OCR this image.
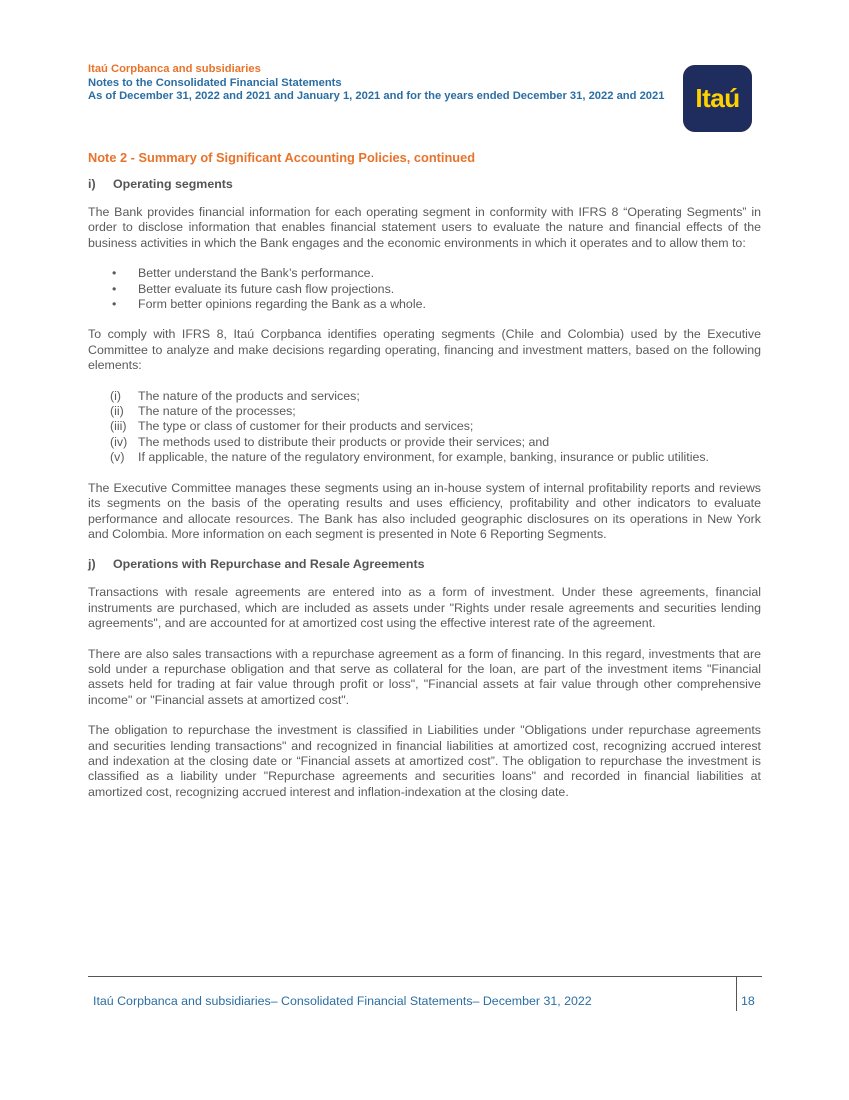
Itaú Corpbanca and subsidiaries
Notes to the Consolidated Financial Statements
As of December 31, 2022 and 2021 and January 1, 2021 and for the years ended December 31, 2022 and 2021	Itaú
Note 2 - Summary of Significant Accounting Policies, continued
i) Operating segments

The Bank provides financial information for each operating segment in conformity with IFRS 8 “Operating Segments” in order to disclose information that enables financial statement users to evaluate the nature and financial effects of the business activities in which the Bank engages and the economic environments in which it operates and to allow them to:

• Better understand the Bank’s performance.
• Better evaluate its future cash flow projections.
• Form better opinions regarding the Bank as a whole.

To comply with IFRS 8, Itaú Corpbanca identifies operating segments (Chile and Colombia) used by the Executive Committee to analyze and make decisions regarding operating, financing and investment matters, based on the following elements:

(i)	The nature of the products and services;
(ii)	The nature of the processes;
(iii) The type or class of customer for their products and services;
(iv) The methods used to distribute their products or provide their services; and
(v)	If applicable, the nature of the regulatory environment, for example, banking, insurance or public utilities.

The Executive Committee manages these segments using an in-house system of internal profitability reports and reviews its segments on the basis of the operating results and uses efficiency, profitability and other indicators to evaluate performance and allocate resources. The Bank has also included geographic disclosures on its operations in New York and Colombia. More information on each segment is presented in Note 6 Reporting Segments.

j) Operations with Repurchase and Resale Agreements

Transactions with resale agreements are entered into as a form of investment. Under these agreements, financial instruments are purchased, which are included as assets under "Rights under resale agreements and securities lending agreements", and are accounted for at amortized cost using the effective interest rate of the agreement.

There are also sales transactions with a repurchase agreement as a form of financing. In this regard, investments that are sold under a repurchase obligation and that serve as collateral for the loan, are part of the investment items "Financial assets held for trading at fair value through profit or loss", "Financial assets at fair value through other comprehensive income" or "Financial assets at amortized cost".

The obligation to repurchase the investment is classified in Liabilities under "Obligations under repurchase agreements and securities lending transactions" and recognized in financial liabilities at amortized cost, recognizing accrued interest and indexation at the closing date or “Financial assets at amortized cost”. The obligation to repurchase the investment is classified as a liability under "Repurchase agreements and securities loans" and recorded in financial liabilities at amortized cost, recognizing accrued interest and inflation-indexation at the closing date.

Itaú Corpbanca and subsidiaries– Consolidated Financial Statements– December 31, 2022	18
